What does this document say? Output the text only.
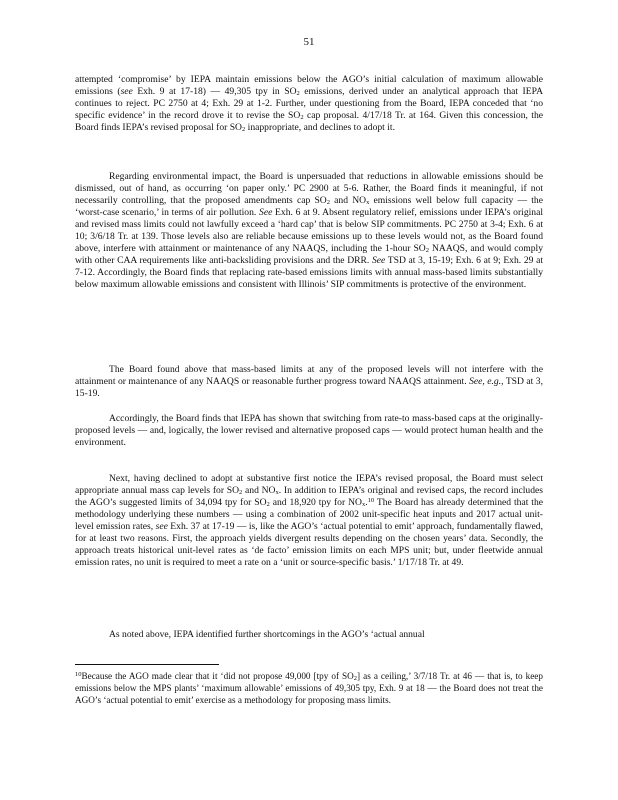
51

attempted ‘compromise’ by IEPA maintain emissions below the AGO’s initial calculation of maximum allowable emissions (see Exh. 9 at 17-18) — 49,305 tpy in $SO_2$ emissions, derived under an analytical approach that IEPA continues to reject. PC 2750 at 4; Exh. 29 at 1-2. Further, under questioning from the Board, IEPA conceded that ‘no specific evidence’ in the record drove it to revise the $SO_2$ cap proposal. 4/17/18 Tr. at 164. Given this concession, the Board finds IEPA’s revised proposal for $SO_2$ inappropriate, and declines to adopt it.

Regarding environmental impact, the Board is unpersuaded that reductions in allowable emissions should be dismissed, out of hand, as occurring ‘on paper only.’ PC 2900 at 5-6. Rather, the Board finds it meaningful, if not necessarily controlling, that the proposed amendments cap $SO_2$ and $NO_x$ emissions well below full capacity — the ‘worst-case scenario,’ in terms of air pollution. See Exh. 6 at 9. Absent regulatory relief, emissions under IEPA’s original and revised mass limits could not lawfully exceed a ‘hard cap’ that is below SIP commitments. PC 2750 at 3-4; Exh. 6 at 10; 3/6/18 Tr. at 139. Those levels also are reliable because emissions up to these levels would not, as the Board found above, interfere with attainment or maintenance of any NAAQS, including the 1-hour $SO_2$ NAAQS, and would comply with other CAA requirements like anti-backsliding provisions and the DRR. See TSD at 3, 15-19; Exh. 6 at 9; Exh. 29 at 7-12. Accordingly, the Board finds that replacing rate-based emissions limits with annual mass-based limits substantially below maximum allowable emissions and consistent with Illinois’ SIP commitments is protective of the environment.

The Board found above that mass-based limits at any of the proposed levels will not interfere with the attainment or maintenance of any NAAQS or reasonable further progress toward NAAQS attainment. See, e.g., TSD at 3, 15-19.

Accordingly, the Board finds that IEPA has shown that switching from rate-to mass-based caps at the originally-proposed levels — and, logically, the lower revised and alternative proposed caps — would protect human health and the environment.

Next, having declined to adopt at substantive first notice the IEPA’s revised proposal, the Board must select appropriate annual mass cap levels for $SO_2$ and $NO_x$. In addition to IEPA’s original and revised caps, the record includes the AGO’s suggested limits of 34,094 tpy for $SO_2$ and 18,920 tpy for $NO_x.^{10}$ The Board has already determined that the methodology underlying these numbers — using a combination of 2002 unit-specific heat inputs and 2017 actual unit-level emission rates, see Exh. 37 at 17-19 — is, like the AGO’s ‘actual potential to emit’ approach, fundamentally flawed, for at least two reasons. First, the approach yields divergent results depending on the chosen years’ data. Secondly, the approach treats historical unit-level rates as ‘de facto’ emission limits on each MPS unit; but, under fleetwide annual emission rates, no unit is required to meet a rate on a ‘unit or source-specific basis.’ 1/17/18 Tr. at 49.

As noted above, IEPA identified further shortcomings in the AGO’s ‘actual annual

$^{10}$Because the AGO made clear that it ‘did not propose 49,000 [tpy of $SO_2$] as a ceiling,’ 3/7/18 Tr. at 46 — that is, to keep emissions below the MPS plants’ ‘maximum allowable’ emissions of 49,305 tpy, Exh. 9 at 18 — the Board does not treat the AGO’s ‘actual potential to emit’ exercise as a methodology for proposing mass limits.
